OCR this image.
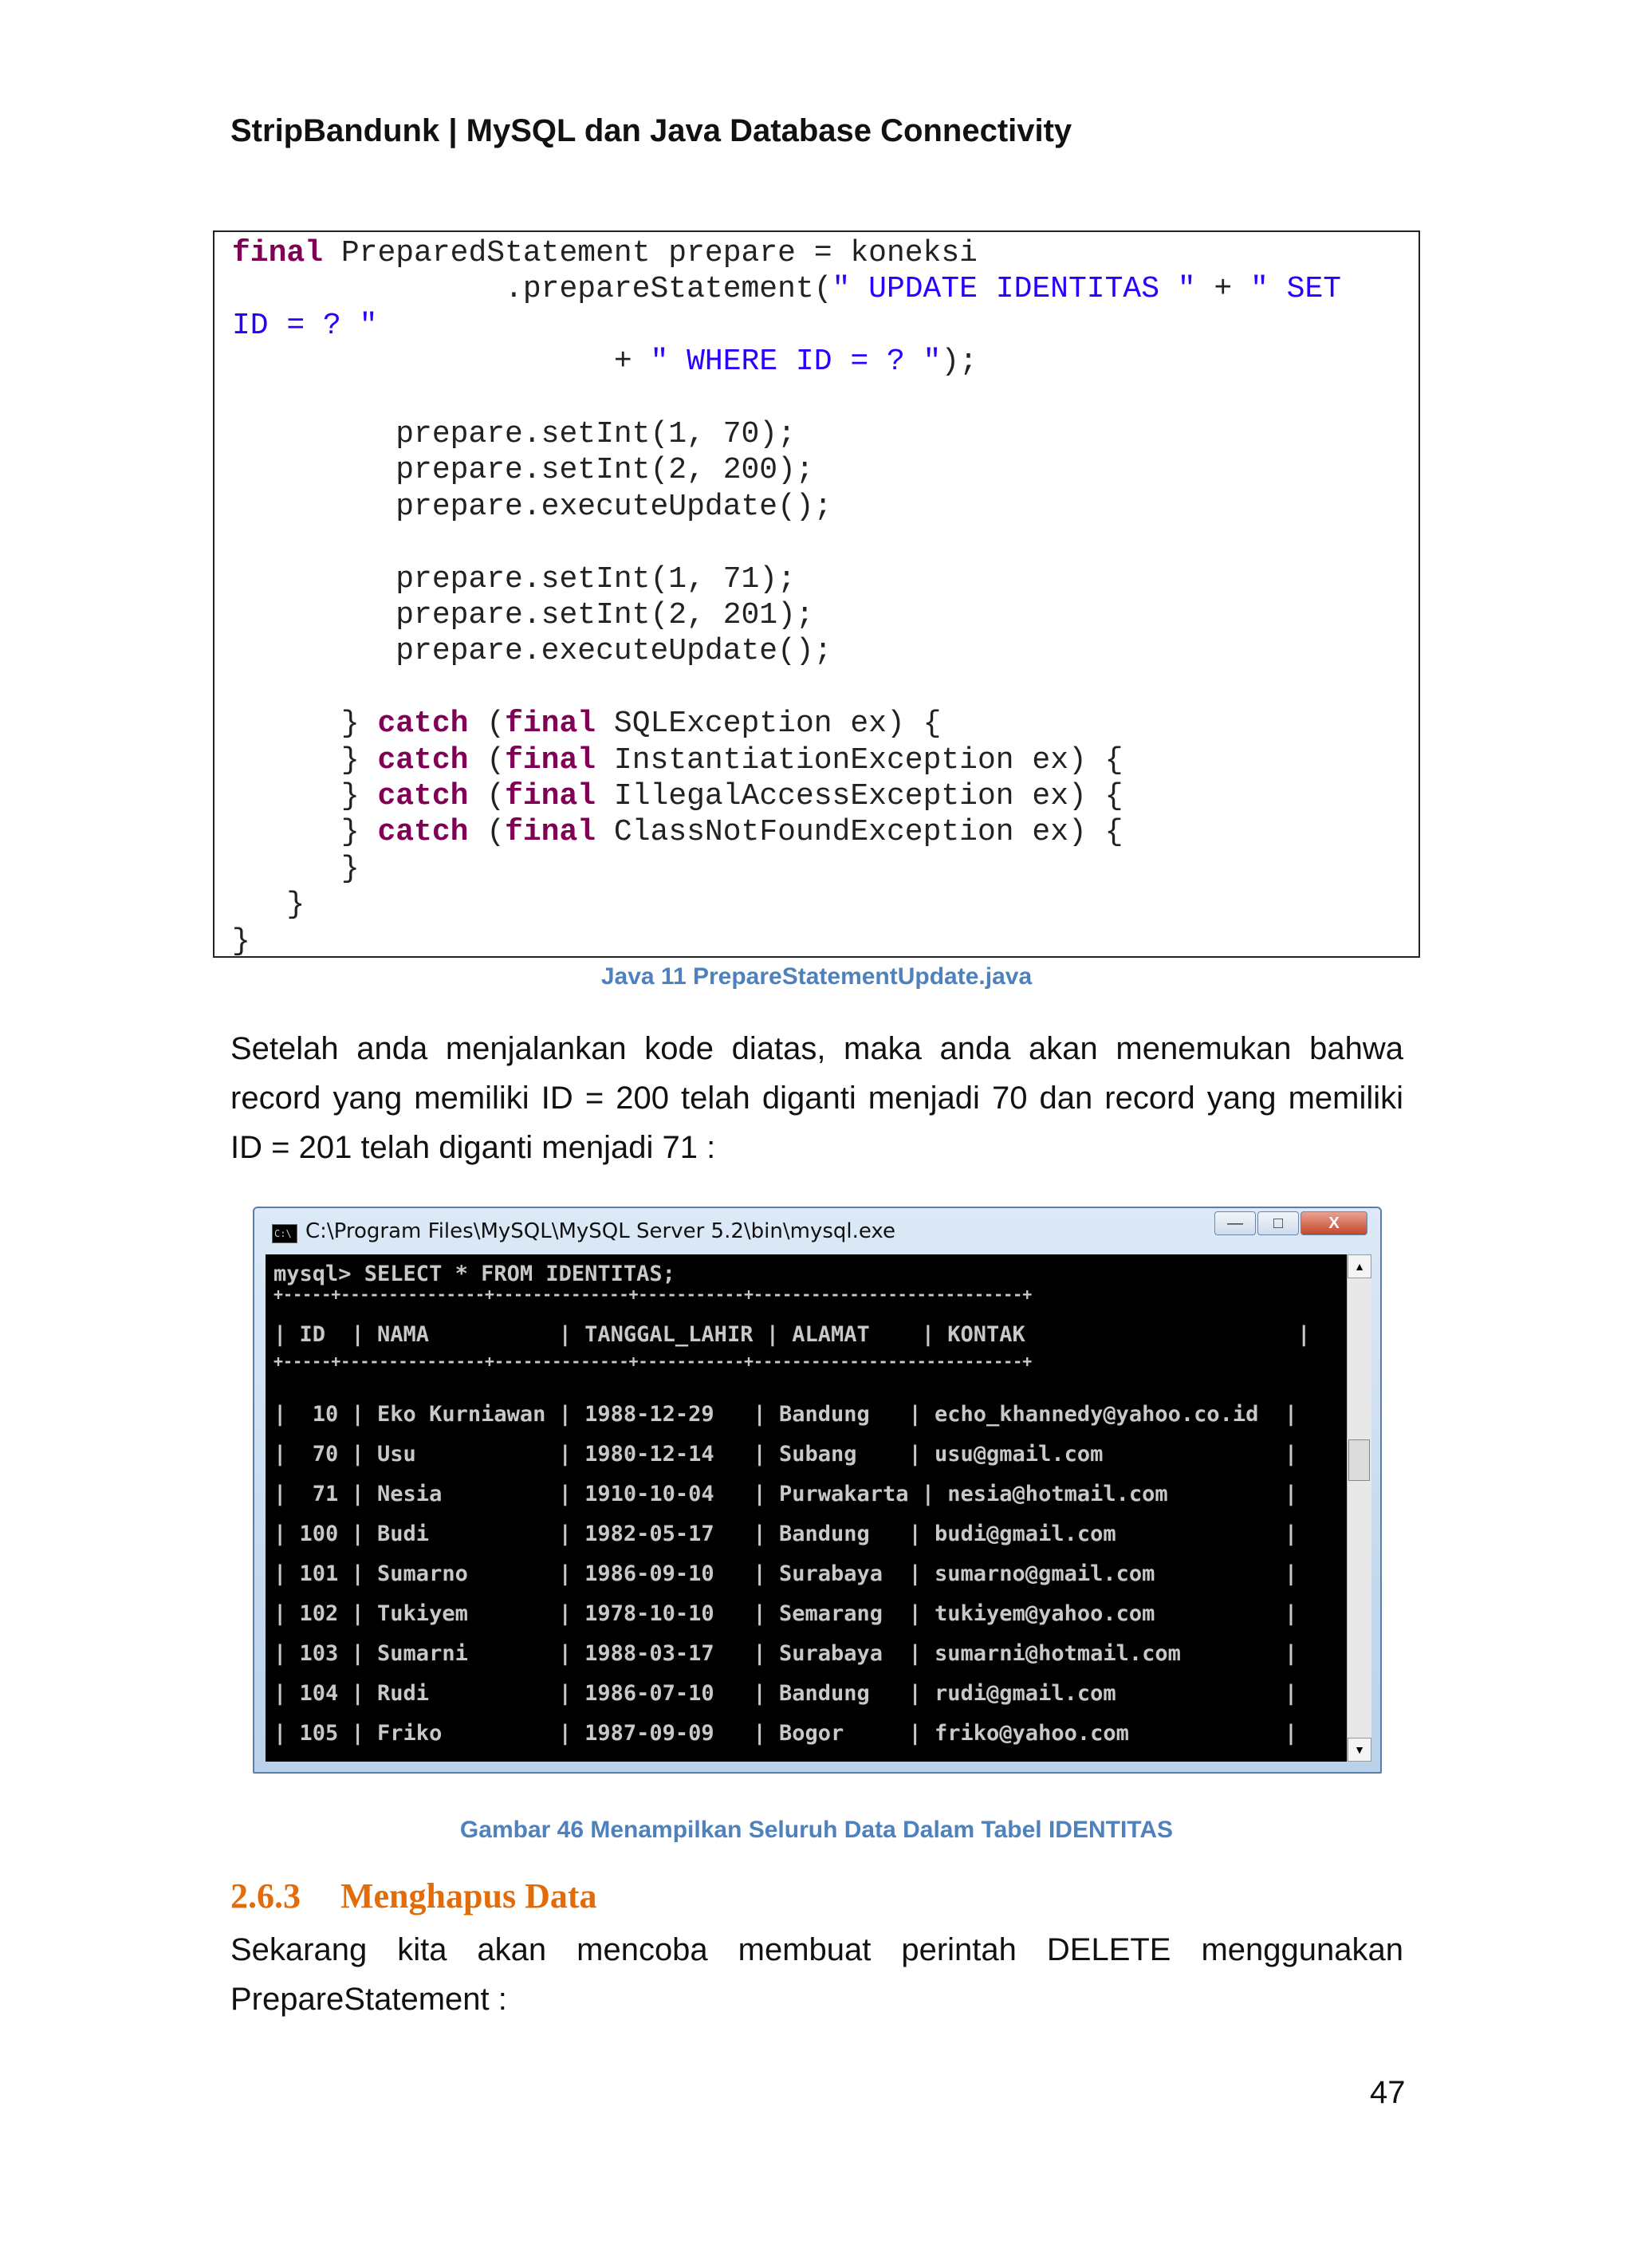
StripBandunk | MySQL dan Java Database Connectivity
final PreparedStatement prepare = koneksi
.prepareStatement(" UPDATE IDENTITAS " + " SET
ID = ? "
+ " WHERE ID = ? ");
prepare.setInt(1, 70);
prepare.setInt(2, 200);
prepare.executeUpdate();
prepare.setInt(1, 71);
prepare.setInt(2, 201);
prepare.executeUpdate();
} catch (final SQLException ex) {
} catch (final InstantiationException ex) {
} catch (final IllegalAccessException ex) {
} catch (final ClassNotFoundException ex) {
}
}
}
Java 11 PrepareStatementUpdate.java
Setelah anda menjalankan kode diatas, maka anda akan menemukan bahwa
record yang memiliki ID = 200 telah diganti menjadi 70 dan record yang memiliki
ID = 201 telah diganti menjadi 71 :
C:\ C:\Program Files\MySQL\MySQL Server 5.2\bin\mysql.exe	—	□	X
mysql> SELECT * FROM IDENTITAS;
+-----+---------------+--------------+-----------+----------------------------+
| ID  | NAMA          | TANGGAL_LAHIR | ALAMAT    | KONTAK                     |
+-----+---------------+--------------+-----------+----------------------------+
|  10 | Eko Kurniawan | 1988-12-29   | Bandung   | echo_khannedy@yahoo.co.id  |
|  70 | Usu           | 1980-12-14   | Subang    | usu@gmail.com              |
|  71 | Nesia         | 1910-10-04   | Purwakarta | nesia@hotmail.com         |
| 100 | Budi          | 1982-05-17   | Bandung   | budi@gmail.com             |
| 101 | Sumarno       | 1986-09-10   | Surabaya  | sumarno@gmail.com          |
| 102 | Tukiyem       | 1978-10-10   | Semarang  | tukiyem@yahoo.com          |
| 103 | Sumarni       | 1988-03-17   | Surabaya  | sumarni@hotmail.com        |
| 104 | Rudi          | 1986-07-10   | Bandung   | rudi@gmail.com             |
| 105 | Friko         | 1987-09-09   | Bogor     | friko@yahoo.com            |
▲
▼
Gambar 46 Menampilkan Seluruh Data Dalam Tabel IDENTITAS
2.6.3 Menghapus Data
Sekarang kita akan mencoba membuat perintah DELETE menggunakan
PrepareStatement :
47
